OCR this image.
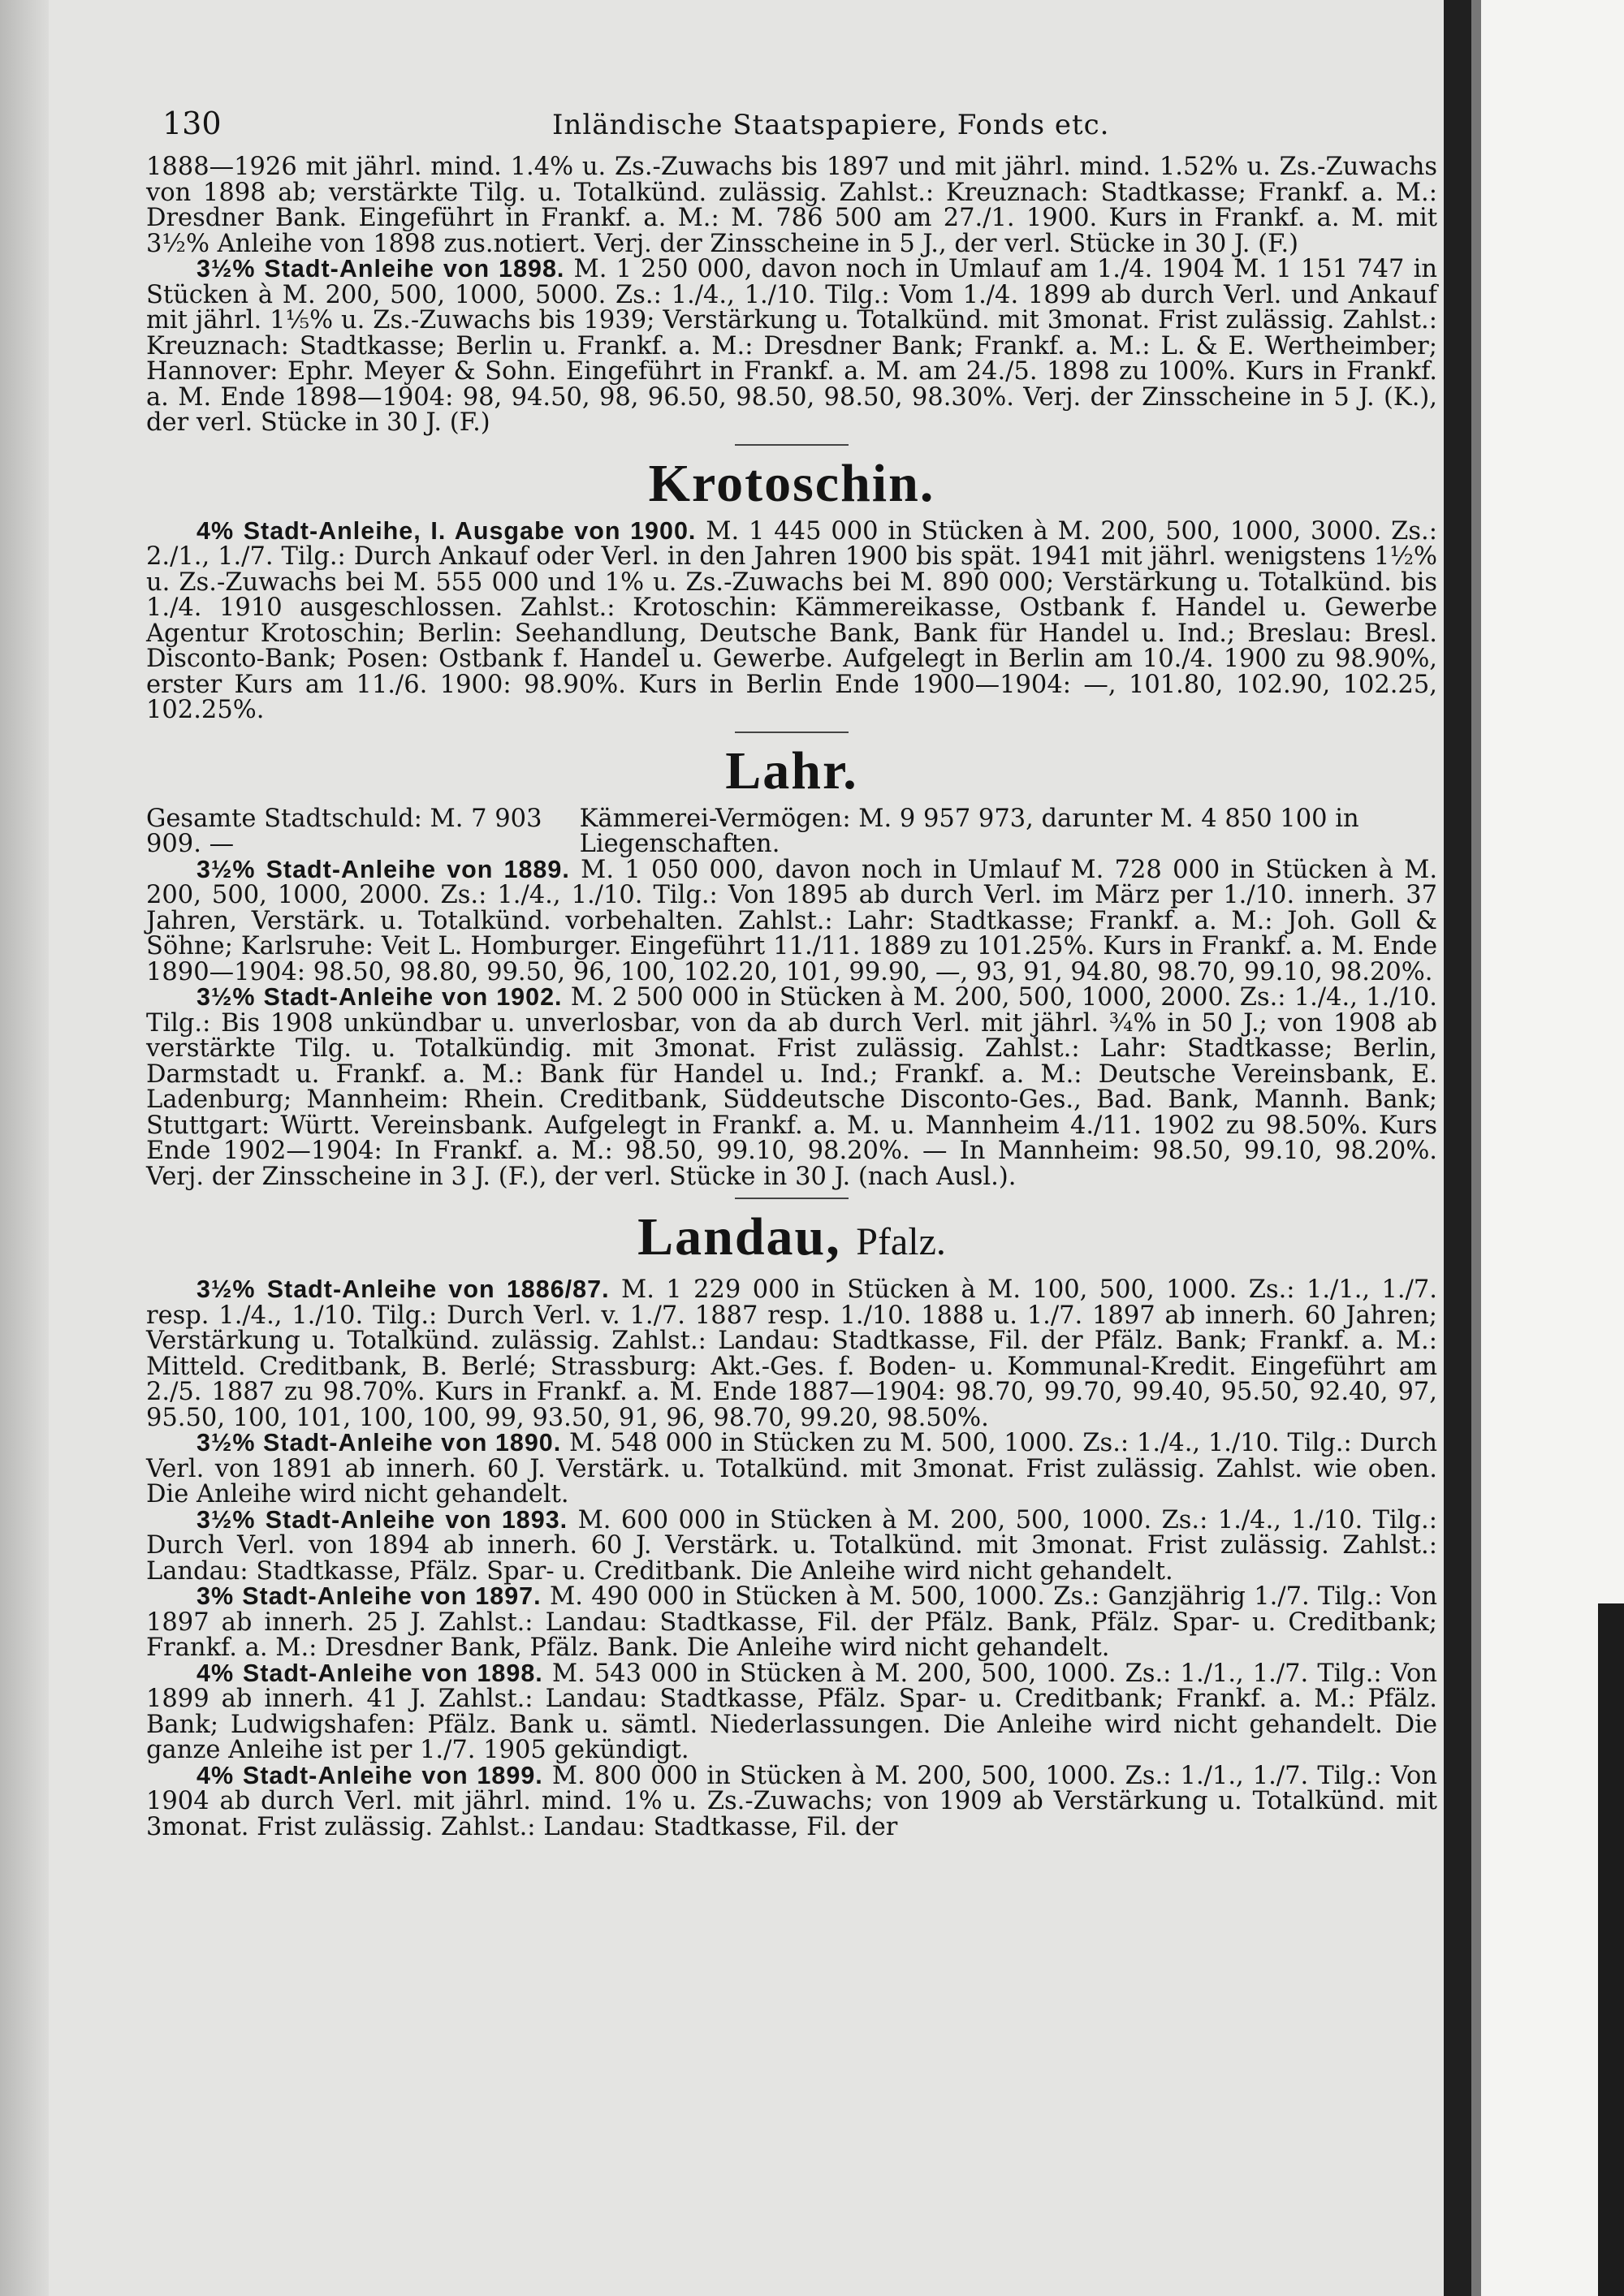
130	Inländische Staatspapiere, Fonds etc.

1888—1926 mit jährl. mind. 1.4% u. Zs.-Zuwachs bis 1897 und mit jährl. mind. 1.52% u. Zs.-Zuwachs von 1898 ab; verstärkte Tilg. u. Totalkünd. zulässig. Zahlst.: Kreuznach: Stadtkasse; Frankf. a. M.: Dresdner Bank. Eingeführt in Frankf. a. M.: M. 786 500 am 27./1. 1900. Kurs in Frankf. a. M. mit 3½% Anleihe von 1898 zus.notiert. Verj. der Zinsscheine in 5 J., der verl. Stücke in 30 J. (F.)

3½% Stadt-Anleihe von 1898. M. 1 250 000, davon noch in Umlauf am 1./4. 1904 M. 1 151 747 in Stücken à M. 200, 500, 1000, 5000. Zs.: 1./4., 1./10. Tilg.: Vom 1./4. 1899 ab durch Verl. und Ankauf mit jährl. 1⅕% u. Zs.-Zuwachs bis 1939; Verstärkung u. Totalkünd. mit 3monat. Frist zulässig. Zahlst.: Kreuznach: Stadtkasse; Berlin u. Frankf. a. M.: Dresdner Bank; Frankf. a. M.: L. & E. Wertheimber; Hannover: Ephr. Meyer & Sohn. Eingeführt in Frankf. a. M. am 24./5. 1898 zu 100%. Kurs in Frankf. a. M. Ende 1898—1904: 98, 94.50, 98, 96.50, 98.50, 98.50, 98.30%. Verj. der Zinsscheine in 5 J. (K.), der verl. Stücke in 30 J. (F.)

Krotoschin.

4% Stadt-Anleihe, I. Ausgabe von 1900. M. 1 445 000 in Stücken à M. 200, 500, 1000, 3000. Zs.: 2./1., 1./7. Tilg.: Durch Ankauf oder Verl. in den Jahren 1900 bis spät. 1941 mit jährl. wenigstens 1½% u. Zs.-Zuwachs bei M. 555 000 und 1% u. Zs.-Zuwachs bei M. 890 000; Verstärkung u. Totalkünd. bis 1./4. 1910 ausgeschlossen. Zahlst.: Krotoschin: Kämmereikasse, Ostbank f. Handel u. Gewerbe Agentur Krotoschin; Berlin: Seehandlung, Deutsche Bank, Bank für Handel u. Ind.; Breslau: Bresl. Disconto-Bank; Posen: Ostbank f. Handel u. Gewerbe. Aufgelegt in Berlin am 10./4. 1900 zu 98.90%, erster Kurs am 11./6. 1900: 98.90%. Kurs in Berlin Ende 1900—1904: —, 101.80, 102.90, 102.25, 102.25%.

Lahr.
Gesamte Stadtschuld: M. 7 903 909. —
Kämmerei-Vermögen: M. 9 957 973, darunter M. 4 850 100 in Liegenschaften.

3½% Stadt-Anleihe von 1889. M. 1 050 000, davon noch in Umlauf M. 728 000 in Stücken à M. 200, 500, 1000, 2000. Zs.: 1./4., 1./10. Tilg.: Von 1895 ab durch Verl. im März per 1./10. innerh. 37 Jahren, Verstärk. u. Totalkünd. vorbehalten. Zahlst.: Lahr: Stadtkasse; Frankf. a. M.: Joh. Goll & Söhne; Karlsruhe: Veit L. Homburger. Eingeführt 11./11. 1889 zu 101.25%. Kurs in Frankf. a. M. Ende 1890—1904: 98.50, 98.80, 99.50, 96, 100, 102.20, 101, 99.90, —, 93, 91, 94.80, 98.70, 99.10, 98.20%.

3½% Stadt-Anleihe von 1902. M. 2 500 000 in Stücken à M. 200, 500, 1000, 2000. Zs.: 1./4., 1./10. Tilg.: Bis 1908 unkündbar u. unverlosbar, von da ab durch Verl. mit jährl. ¾% in 50 J.; von 1908 ab verstärkte Tilg. u. Totalkündig. mit 3monat. Frist zulässig. Zahlst.: Lahr: Stadtkasse; Berlin, Darmstadt u. Frankf. a. M.: Bank für Handel u. Ind.; Frankf. a. M.: Deutsche Vereinsbank, E. Ladenburg; Mannheim: Rhein. Creditbank, Süddeutsche Disconto-Ges., Bad. Bank, Mannh. Bank; Stuttgart: Württ. Vereinsbank. Aufgelegt in Frankf. a. M. u. Mannheim 4./11. 1902 zu 98.50%. Kurs Ende 1902—1904: In Frankf. a. M.: 98.50, 99.10, 98.20%. — In Mannheim: 98.50, 99.10, 98.20%. Verj. der Zinsscheine in 3 J. (F.), der verl. Stücke in 30 J. (nach Ausl.).

Landau, Pfalz.

3½% Stadt-Anleihe von 1886/87. M. 1 229 000 in Stücken à M. 100, 500, 1000. Zs.: 1./1., 1./7. resp. 1./4., 1./10. Tilg.: Durch Verl. v. 1./7. 1887 resp. 1./10. 1888 u. 1./7. 1897 ab innerh. 60 Jahren; Verstärkung u. Totalkünd. zulässig. Zahlst.: Landau: Stadtkasse, Fil. der Pfälz. Bank; Frankf. a. M.: Mitteld. Creditbank, B. Berlé; Strassburg: Akt.-Ges. f. Boden- u. Kommunal-Kredit. Eingeführt am 2./5. 1887 zu 98.70%. Kurs in Frankf. a. M. Ende 1887—1904: 98.70, 99.70, 99.40, 95.50, 92.40, 97, 95.50, 100, 101, 100, 100, 99, 93.50, 91, 96, 98.70, 99.20, 98.50%.

3½% Stadt-Anleihe von 1890. M. 548 000 in Stücken zu M. 500, 1000. Zs.: 1./4., 1./10. Tilg.: Durch Verl. von 1891 ab innerh. 60 J. Verstärk. u. Totalkünd. mit 3monat. Frist zulässig. Zahlst. wie oben. Die Anleihe wird nicht gehandelt.

3½% Stadt-Anleihe von 1893. M. 600 000 in Stücken à M. 200, 500, 1000. Zs.: 1./4., 1./10. Tilg.: Durch Verl. von 1894 ab innerh. 60 J. Verstärk. u. Totalkünd. mit 3monat. Frist zulässig. Zahlst.: Landau: Stadtkasse, Pfälz. Spar- u. Creditbank. Die Anleihe wird nicht gehandelt.

3% Stadt-Anleihe von 1897. M. 490 000 in Stücken à M. 500, 1000. Zs.: Ganzjährig 1./7. Tilg.: Von 1897 ab innerh. 25 J. Zahlst.: Landau: Stadtkasse, Fil. der Pfälz. Bank, Pfälz. Spar- u. Creditbank; Frankf. a. M.: Dresdner Bank, Pfälz. Bank. Die Anleihe wird nicht gehandelt.

4% Stadt-Anleihe von 1898. M. 543 000 in Stücken à M. 200, 500, 1000. Zs.: 1./1., 1./7. Tilg.: Von 1899 ab innerh. 41 J. Zahlst.: Landau: Stadtkasse, Pfälz. Spar- u. Creditbank; Frankf. a. M.: Pfälz. Bank; Ludwigshafen: Pfälz. Bank u. sämtl. Niederlassungen. Die Anleihe wird nicht gehandelt. Die ganze Anleihe ist per 1./7. 1905 gekündigt.

4% Stadt-Anleihe von 1899. M. 800 000 in Stücken à M. 200, 500, 1000. Zs.: 1./1., 1./7. Tilg.: Von 1904 ab durch Verl. mit jährl. mind. 1% u. Zs.-Zuwachs; von 1909 ab Verstärkung u. Totalkünd. mit 3monat. Frist zulässig. Zahlst.: Landau: Stadtkasse, Fil. der
